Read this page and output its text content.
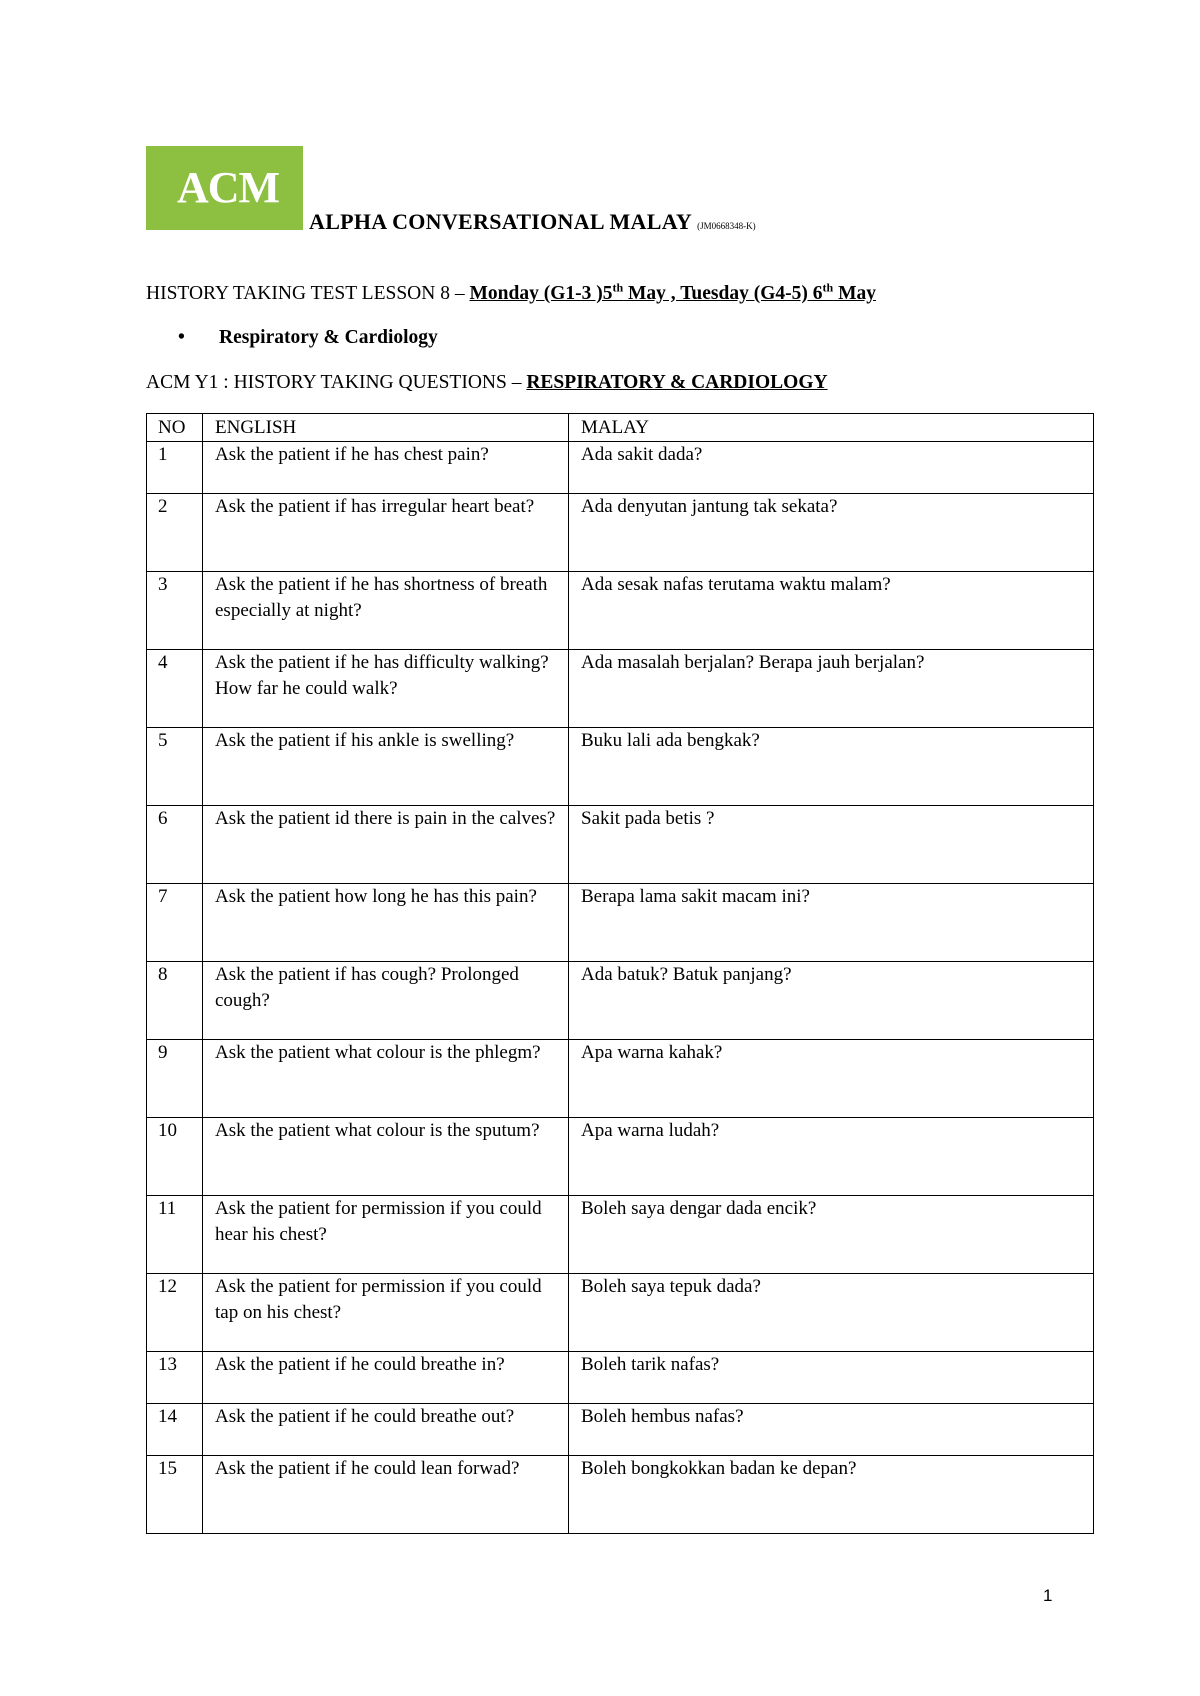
ACM
ALPHA CONVERSATIONAL MALAY (JM0668348-K)
HISTORY TAKING TEST LESSON 8 – Monday (G1-3 )5th May , Tuesday (G4-5) 6th May
• Respiratory & Cardiology
ACM Y1 : HISTORY TAKING QUESTIONS – RESPIRATORY & CARDIOLOGY
NO	ENGLISH	MALAY
1	Ask the patient if he has chest pain?	Ada sakit dada?
2	Ask the patient if has irregular heart beat?	Ada denyutan jantung tak sekata?
3	Ask the patient if he has shortness of breath especially at night?	Ada sesak nafas terutama waktu malam?
4	Ask the patient if he has difficulty walking? How far he could walk?	Ada masalah berjalan? Berapa jauh berjalan?
5	Ask the patient if his ankle is swelling?	Buku lali ada bengkak?
6	Ask the patient id there is pain in the calves?	Sakit pada betis ?
7	Ask the patient how long he has this pain?	Berapa lama sakit macam ini?
8	Ask the patient if has cough? Prolonged cough?	Ada batuk? Batuk panjang?
9	Ask the patient what colour is the phlegm?	Apa warna kahak?
10	Ask the patient what colour is the sputum?	Apa warna ludah?
11	Ask the patient for permission if you could hear his chest?	Boleh saya dengar dada encik?
12	Ask the patient for permission if you could tap on his chest?	Boleh saya tepuk dada?
13	Ask the patient if he could breathe in?	Boleh tarik nafas?
14	Ask the patient if he could breathe out?	Boleh hembus nafas?
15	Ask the patient if he could lean forwad?	Boleh bongkokkan badan ke depan?
1
